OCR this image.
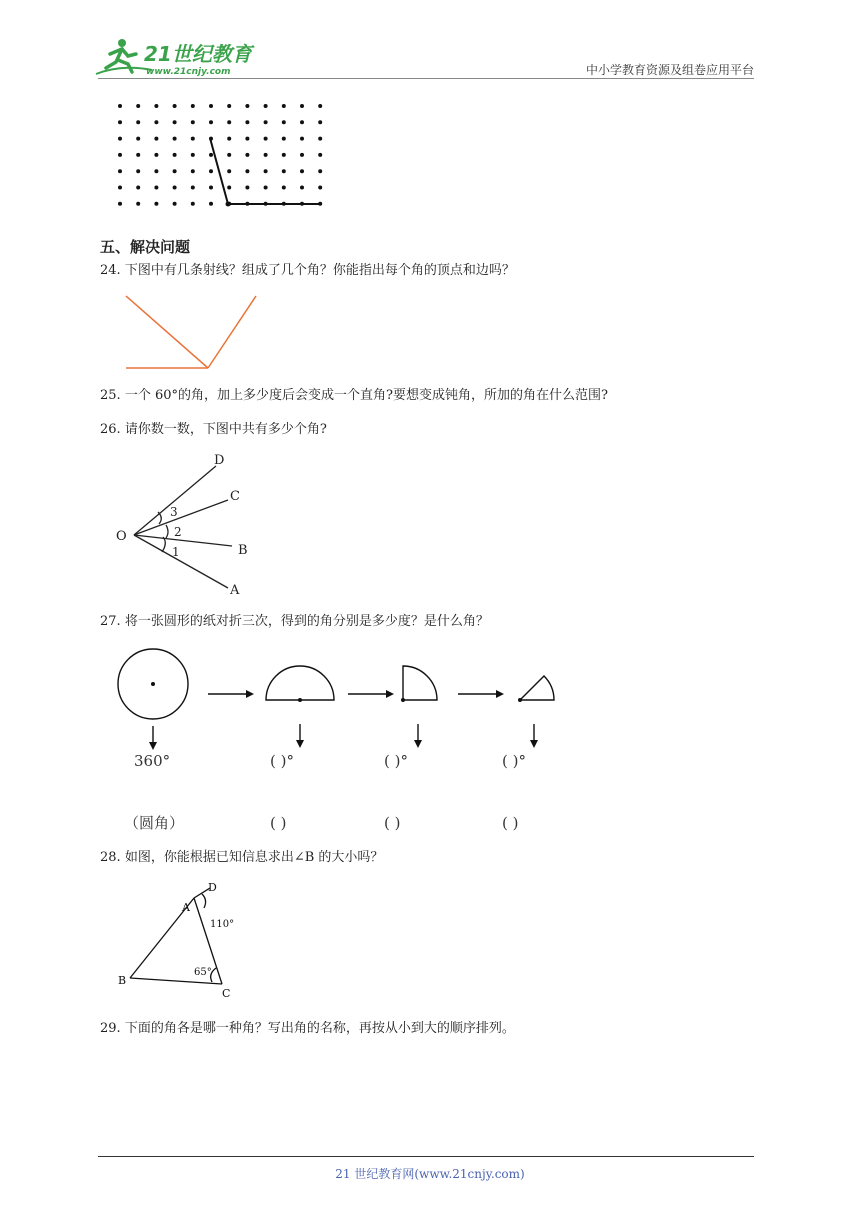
21世纪教育
www.21cnjy.com	中小学教育资源及组卷应用平台
五、解决问题
24. 下图中有几条射线？组成了几个角？你能指出每个角的顶点和边吗？
25. 一个 60°的角，加上多少度后会变成一个直角?要想变成钝角，所加的角在什么范围?
26. 请你数一数，下图中共有多少个角?
O
A
B
C
D
1
2
3
27. 将一张圆形的纸对折三次，得到的角分别是多少度？是什么角？
360°	( )°	( )°	( )°
（圆角）	( )	( )	( )
28. 如图，你能根据已知信息求出∠B 的大小吗？
A
B
C
D
110°
65°
29. 下面的角各是哪一种角？写出角的名称，再按从小到大的顺序排列。
21 世纪教育网(www.21cnjy.com)
